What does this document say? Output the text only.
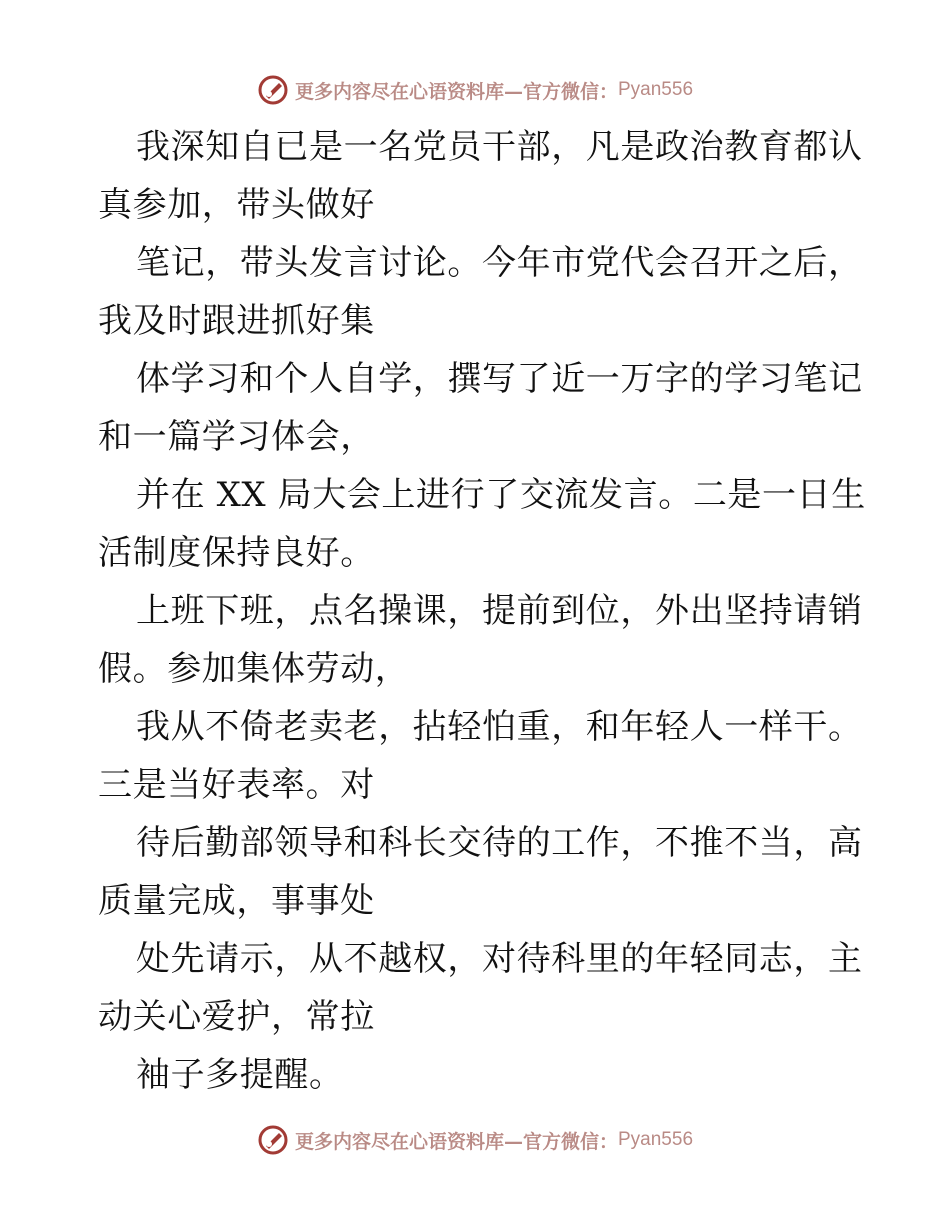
更多内容尽在心语资料库—官方微信： Pyan556
我深知自已是一名党员干部，凡是政治教育都认
真参加，带头做好
笔记，带头发言讨论。今年市党代会召开之后，
我及时跟进抓好集
体学习和个人自学，撰写了近一万字的学习笔记
和一篇学习体会，
并在 XX 局大会上进行了交流发言。二是一日生
活制度保持良好。
上班下班，点名操课，提前到位，外出坚持请销
假。参加集体劳动，
我从不倚老卖老，拈轻怕重，和年轻人一样干。
三是当好表率。对
待后勤部领导和科长交待的工作，不推不当，高
质量完成，事事处
处先请示，从不越权，对待科里的年轻同志，主
动关心爱护，常拉
袖子多提醒。
更多内容尽在心语资料库—官方微信： Pyan556
